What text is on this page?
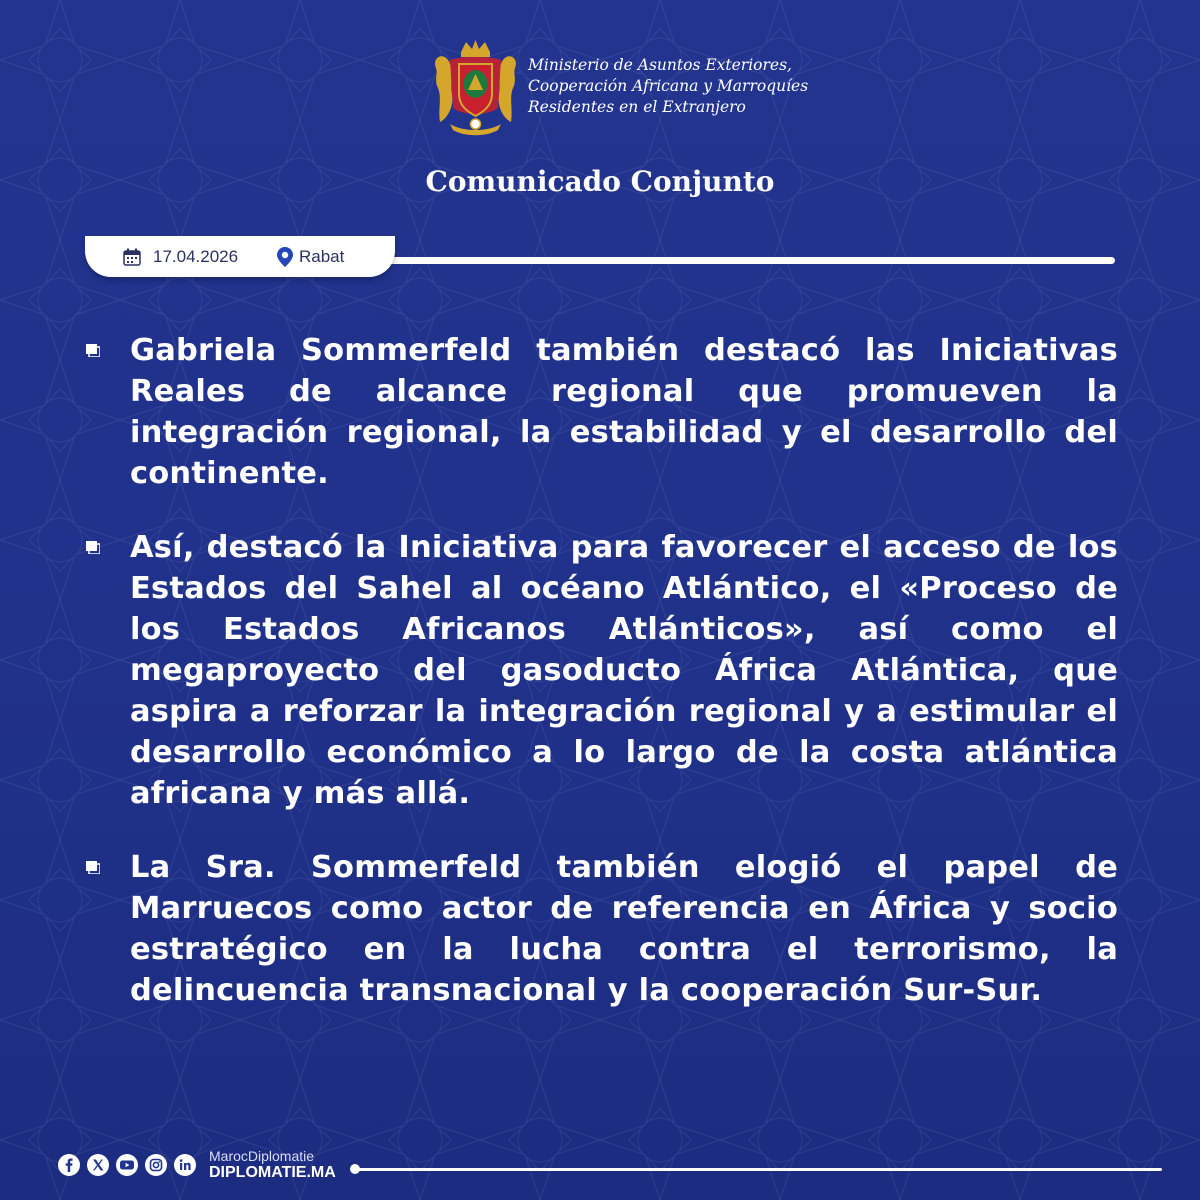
Ministerio de Asuntos Exteriores,
Cooperación Africana y Marroquíes
Residentes en el Extranjero
Comunicado Conjunto
17.04.2026	Rabat

Gabriela Sommerfeld también destacó las Iniciativas Reales de alcance regional que promueven la integración regional, la estabilidad y el desarrollo del continente.

Así, destacó la Iniciativa para favorecer el acceso de los Estados del Sahel al océano Atlántico, el «Proceso de los Estados Africanos Atlánticos», así como el megaproyecto del gasoducto África Atlántica, que aspira a reforzar la integración regional y a estimular el desarrollo económico a lo largo de la costa atlántica africana y más allá.

La Sra. Sommerfeld también elogió el papel de Marruecos como actor de referencia en África y socio estratégico en la lucha contra el terrorismo, la delincuencia transnacional y la cooperación Sur-Sur.

MarocDiplomatie
DIPLOMATIE.MA
